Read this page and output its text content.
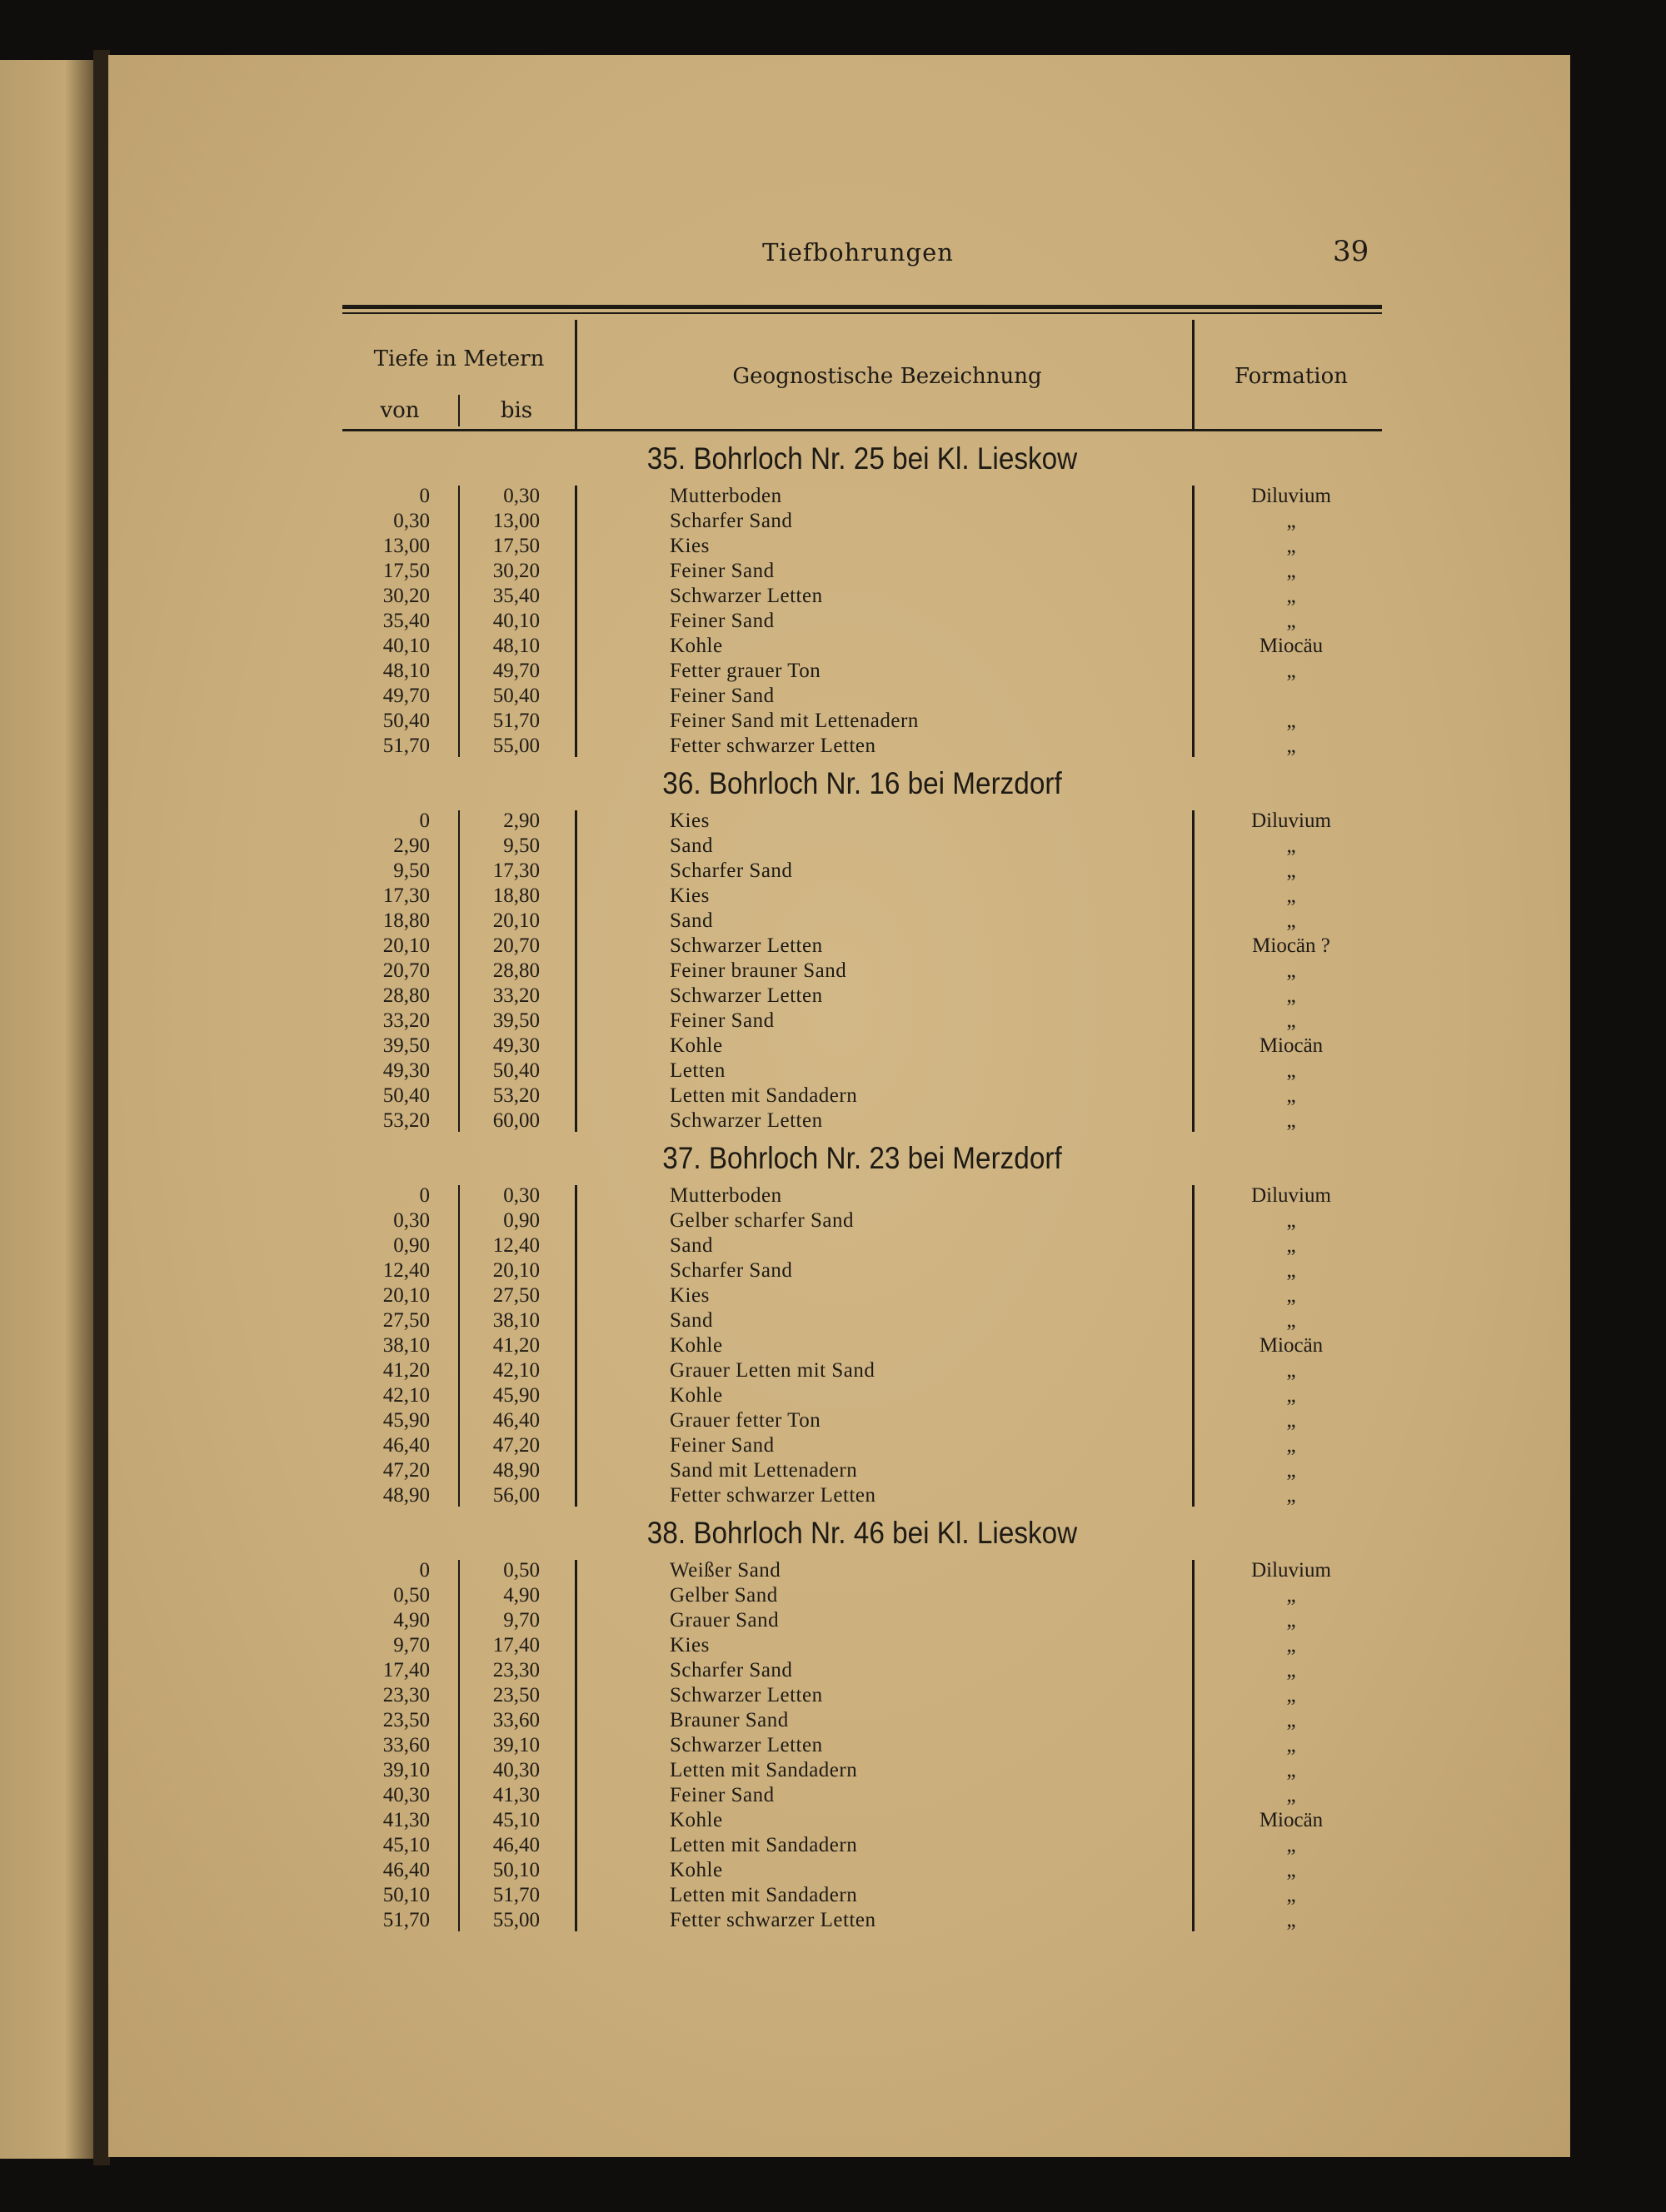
Tiefbohrungen	39
Tiefe in Metern
von	bis
Geognostische Bezeichnung	Formation
35. Bohrloch Nr. 25 bei Kl. Lieskow
0	0,30	Mutterboden	Diluvium
0,30	13,00	Scharfer Sand	„
13,00	17,50	Kies	„
17,50	30,20	Feiner Sand	„
30,20	35,40	Schwarzer Letten	„
35,40	40,10	Feiner Sand	„
40,10	48,10	Kohle	Miocäu
48,10	49,70	Fetter grauer Ton	„
49,70	50,40	Feiner Sand
50,40	51,70	Feiner Sand mit Lettenadern	„
51,70	55,00	Fetter schwarzer Letten	„
36. Bohrloch Nr. 16 bei Merzdorf
0	2,90	Kies	Diluvium
2,90	9,50	Sand	„
9,50	17,30	Scharfer Sand	„
17,30	18,80	Kies	„
18,80	20,10	Sand	„
20,10	20,70	Schwarzer Letten	Miocän ?
20,70	28,80	Feiner brauner Sand	„
28,80	33,20	Schwarzer Letten	„
33,20	39,50	Feiner Sand	„
39,50	49,30	Kohle	Miocän
49,30	50,40	Letten	„
50,40	53,20	Letten mit Sandadern	„
53,20	60,00	Schwarzer Letten	„
37. Bohrloch Nr. 23 bei Merzdorf
0	0,30	Mutterboden	Diluvium
0,30	0,90	Gelber scharfer Sand	„
0,90	12,40	Sand	„
12,40	20,10	Scharfer Sand	„
20,10	27,50	Kies	„
27,50	38,10	Sand	„
38,10	41,20	Kohle	Miocän
41,20	42,10	Grauer Letten mit Sand	„
42,10	45,90	Kohle	„
45,90	46,40	Grauer fetter Ton	„
46,40	47,20	Feiner Sand	„
47,20	48,90	Sand mit Lettenadern	„
48,90	56,00	Fetter schwarzer Letten	„
38. Bohrloch Nr. 46 bei Kl. Lieskow
0	0,50	Weißer Sand	Diluvium
0,50	4,90	Gelber Sand	„
4,90	9,70	Grauer Sand	„
9,70	17,40	Kies	„
17,40	23,30	Scharfer Sand	„
23,30	23,50	Schwarzer Letten	„
23,50	33,60	Brauner Sand	„
33,60	39,10	Schwarzer Letten	„
39,10	40,30	Letten mit Sandadern	„
40,30	41,30	Feiner Sand	„
41,30	45,10	Kohle	Miocän
45,10	46,40	Letten mit Sandadern	„
46,40	50,10	Kohle	„
50,10	51,70	Letten mit Sandadern	„
51,70	55,00	Fetter schwarzer Letten	„
